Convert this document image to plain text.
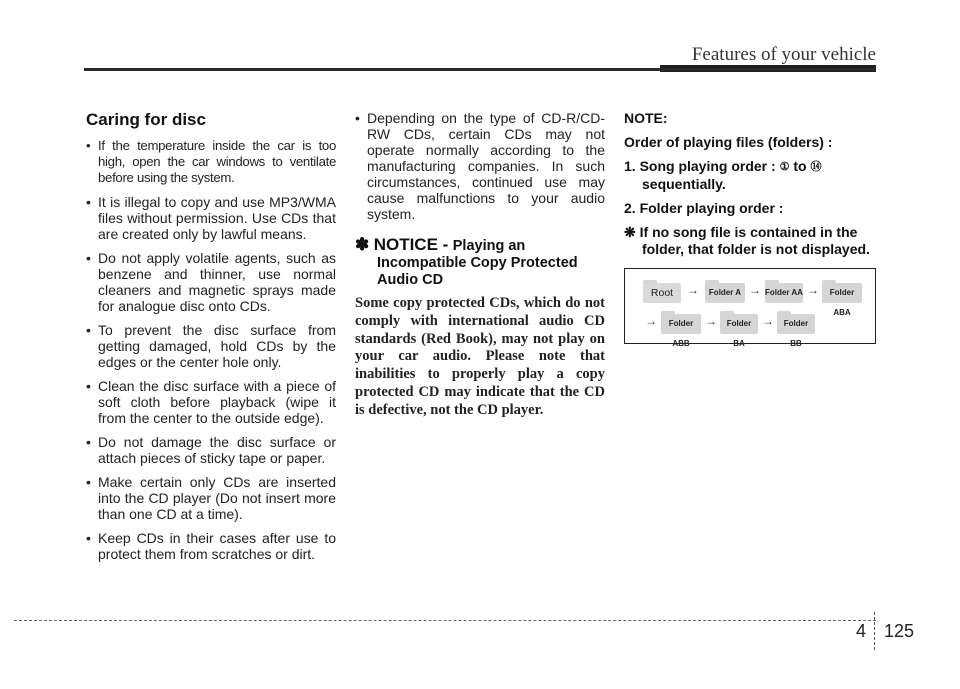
Features of your vehicle
Caring for disc
• If the temperature inside the car is too high, open the car windows to ventilate before using the system.
• It is illegal to copy and use MP3/WMA files without permission. Use CDs that are created only by lawful means.
• Do not apply volatile agents, such as benzene and thinner, use normal cleaners and magnetic sprays made for analogue disc onto CDs.
• To prevent the disc surface from getting damaged, hold CDs by the edges or the center hole only.
• Clean the disc surface with a piece of soft cloth before playback (wipe it from the center to the outside edge).
• Do not damage the disc surface or attach pieces of sticky tape or paper.
• Make certain only CDs are inserted into the CD player (Do not insert more than one CD at a time).
• Keep CDs in their cases after use to protect them from scratches or dirt.
• Depending on the type of CD-R/CD-RW CDs, certain CDs may not operate normally according to the manufacturing companies. In such circumstances, continued use may cause malfunctions to your audio system.
✽ NOTICE - Playing an
Incompatible Copy Protected Audio CD
Some copy protected CDs, which do not comply with international audio CD standards (Red Book), may not play on your car audio. Please note that inabilities to properly play a copy protected CD may indicate that the CD is defective, not the CD player.
NOTE:
Order of playing files (folders) :
1. Song playing order : ① to ⑭ sequentially.
2. Folder playing order :
❋ If no song file is contained in the folder, that folder is not displayed.
Root	→	Folder A → Folder AA →	Folder ABA
→	Folder ABB
→	Folder BA
→	Folder BB
4 125
